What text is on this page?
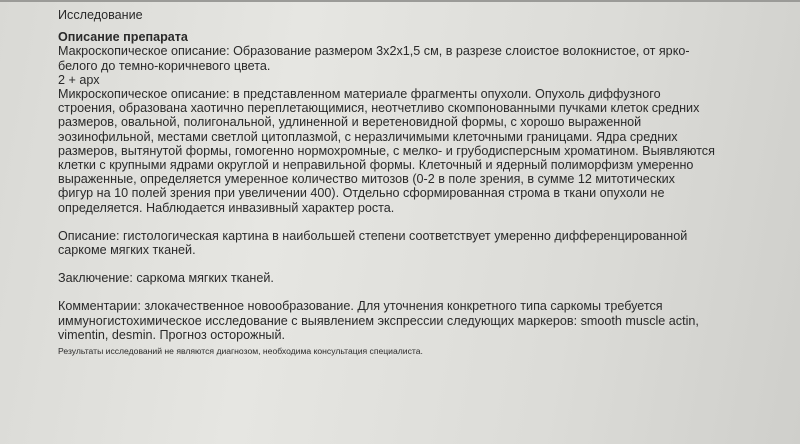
Исследование
Описание препарата
Макроскопическое описание: Образование размером 3х2х1,5 см, в разрезе слоистое волокнистое, от ярко-
белого до темно-коричневого цвета.
2 + арх
Микроскопическое описание: в представленном материале фрагменты опухоли. Опухоль диффузного
строения, образована хаотично переплетающимися, неотчетливо скомпонованными пучками клеток средних
размеров, овальной, полигональной, удлиненной и веретеновидной формы, с хорошо выраженной
эозинофильной, местами светлой цитоплазмой, с неразличимыми клеточными границами. Ядра средних
размеров, вытянутой формы, гомогенно нормохромные, с мелко- и грубодисперсным хроматином. Выявляются
клетки с крупными ядрами округлой и неправильной формы. Клеточный и ядерный полиморфизм умеренно
выраженные, определяется умеренное количество митозов (0-2 в поле зрения, в сумме 12 митотических
фигур на 10 полей зрения при увеличении 400). Отдельно сформированная строма в ткани опухоли не
определяется. Наблюдается инвазивный характер роста.
Описание: гистологическая картина в наибольшей степени соответствует умеренно дифференцированной
саркоме мягких тканей.
Заключение: саркома мягких тканей.
Комментарии: злокачественное новообразование. Для уточнения конкретного типа саркомы требуется
иммуногистохимическое исследование с выявлением экспрессии следующих маркеров: smooth muscle actin,
vimentin, desmin. Прогноз осторожный.
Результаты исследований не являются диагнозом, необходима консультация специалиста.
